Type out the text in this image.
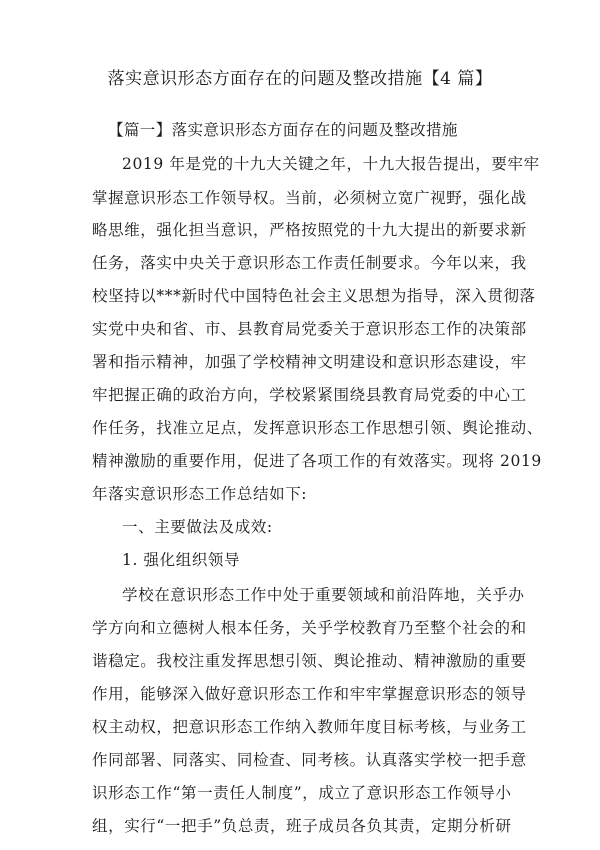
落实意识形态方面存在的问题及整改措施【4 篇】
【篇一】落实意识形态方面存在的问题及整改措施
2019 年是党的十九大关键之年，十九大报告提出，要牢牢
掌握意识形态工作领导权。当前，必须树立宽广视野，强化战
略思维，强化担当意识，严格按照党的十九大提出的新要求新
任务，落实中央关于意识形态工作责任制要求。今年以来，我
校坚持以***新时代中国特色社会主义思想为指导，深入贯彻落
实党中央和省、市、县教育局党委关于意识形态工作的决策部
署和指示精神，加强了学校精神文明建设和意识形态建设，牢
牢把握正确的政治方向，学校紧紧围绕县教育局党委的中心工
作任务，找准立足点，发挥意识形态工作思想引领、舆论推动、
精神激励的重要作用，促进了各项工作的有效落实。现将 2019
年落实意识形态工作总结如下:
一、主要做法及成效:
1. 强化组织领导
学校在意识形态工作中处于重要领域和前沿阵地，关乎办
学方向和立德树人根本任务，关乎学校教育乃至整个社会的和
谐稳定。我校注重发挥思想引领、舆论推动、精神激励的重要
作用，能够深入做好意识形态工作和牢牢掌握意识形态的领导
权主动权，把意识形态工作纳入教师年度目标考核，与业务工
作同部署、同落实、同检查、同考核。认真落实学校一把手意
识形态工作“第一责任人制度”，成立了意识形态工作领导小
组，实行“一把手”负总责，班子成员各负其责，定期分析研
